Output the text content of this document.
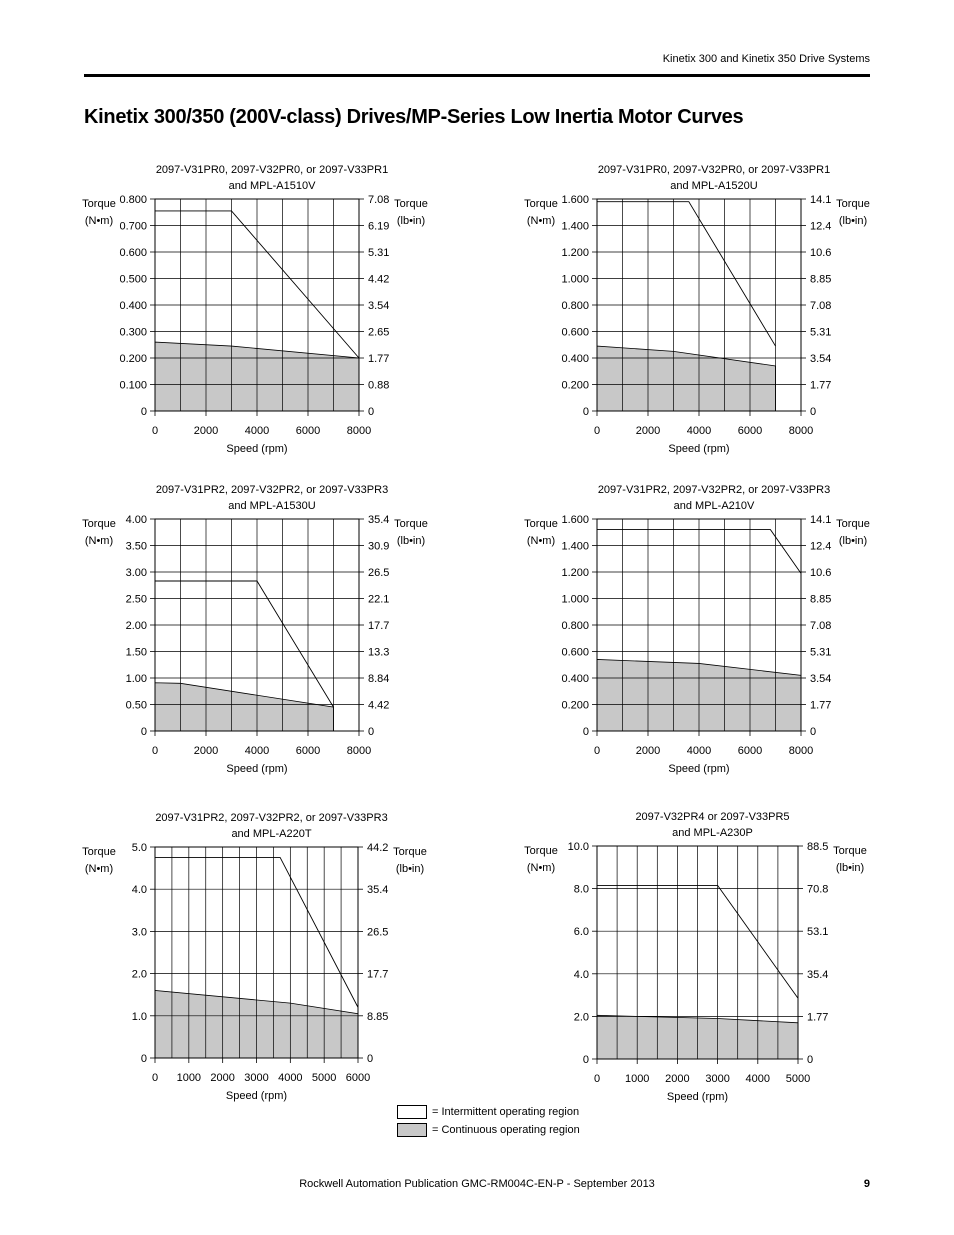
Kinetix 300 and Kinetix 350 Drive Systems
Kinetix 300/350 (200V-class) Drives/MP-Series Low Inertia Motor Curves
0	2000 4000 6000 8000
0	0
0.100	0.88
0.200	1.77
0.300	2.65
0.400	3.54
0.500	4.42
0.600	5.31
0.700	6.19
0.800	7.08
2097-V31PR0, 2097-V32PR0, or 2097-V33PR1
and MPL-A1510V
Speed (rpm)
Torque
(N•m)
Torque
(lb•in)
0	2000 4000 6000 8000
0	0
0.200	1.77
0.400	3.54
0.600	5.31
0.800	7.08
1.000	8.85
1.200	10.6
1.400	12.4
1.600	14.1
2097-V31PR0, 2097-V32PR0, or 2097-V33PR1
and MPL-A1520U
Speed (rpm)
Torque
(N•m)
Torque
(lb•in)
0	2000 4000 6000 8000
0	0
0.50	4.42
1.00	8.84
1.50	13.3
2.00	17.7
2.50	22.1
3.00	26.5
3.50	30.9
4.00	35.4
2097-V31PR2, 2097-V32PR2, or 2097-V33PR3
and MPL-A1530U
Speed (rpm)
Torque
(N•m)
Torque
(lb•in)
0	2000 4000 6000 8000
0	0
0.200	1.77
0.400	3.54
0.600	5.31
0.800	7.08
1.000	8.85
1.200	10.6
1.400	12.4
1.600	14.1
2097-V31PR2, 2097-V32PR2, or 2097-V33PR3
and MPL-A210V
Speed (rpm)
Torque
(N•m)
Torque
(lb•in)
0 1000 2000 3000 4000 5000 6000
0	0
1.0	8.85
2.0	17.7
3.0	26.5
4.0	35.4
5.0	44.2
2097-V31PR2, 2097-V32PR2, or 2097-V33PR3
and MPL-A220T
Speed (rpm)
Torque
(N•m)
Torque
(lb•in)
0 1000 2000 3000 4000 5000
0	0
2.0	1.77
4.0	35.4
6.0	53.1
8.0	70.8
10.0	88.5
2097-V32PR4 or 2097-V33PR5
and MPL-A230P
Speed (rpm)
Torque
(N•m)
Torque
(lb•in)
= Intermittent operating region
= Continuous operating region
Rockwell Automation Publication GMC-RM004C-EN-P - September 2013	9
